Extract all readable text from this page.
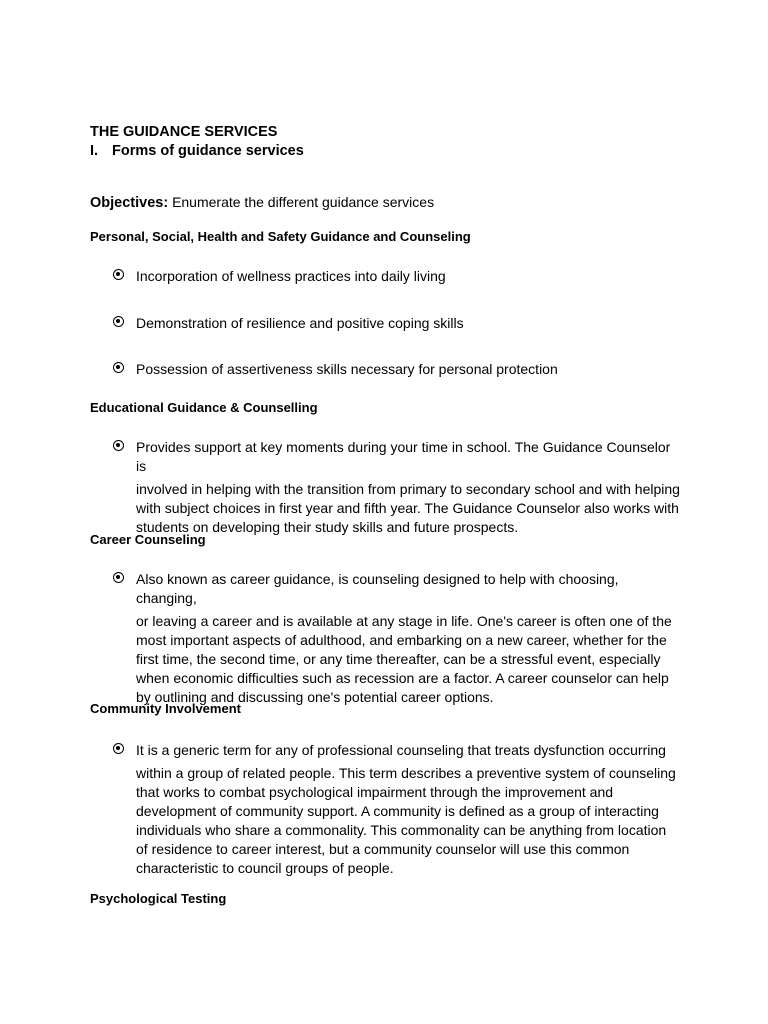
THE GUIDANCE SERVICES
I. Forms of guidance services
Objectives: Enumerate the different guidance services
Personal, Social, Health and Safety Guidance and Counseling
Incorporation of wellness practices into daily living
Demonstration of resilience and positive coping skills
Possession of assertiveness skills necessary for personal protection
Educational Guidance & Counselling
Provides support at key moments during your time in school. The Guidance Counselor is
involved in helping with the transition from primary to secondary school and with helping with subject choices in first year and fifth year. The Guidance Counselor also works with students on developing their study skills and future prospects.
Career Counseling
Also known as career guidance, is counseling designed to help with choosing, changing,
or leaving a career and is available at any stage in life. One's career is often one of the most important aspects of adulthood, and embarking on a new career, whether for the first time, the second time, or any time thereafter, can be a stressful event, especially when economic difficulties such as recession are a factor. A career counselor can help by outlining and discussing one's potential career options.
Community Involvement
It is a generic term for any of professional counseling that treats dysfunction occurring
within a group of related people. This term describes a preventive system of counseling that works to combat psychological impairment through the improvement and development of community support. A community is defined as a group of interacting individuals who share a commonality. This commonality can be anything from location of residence to career interest, but a community counselor will use this common characteristic to council groups of people.
Psychological Testing
